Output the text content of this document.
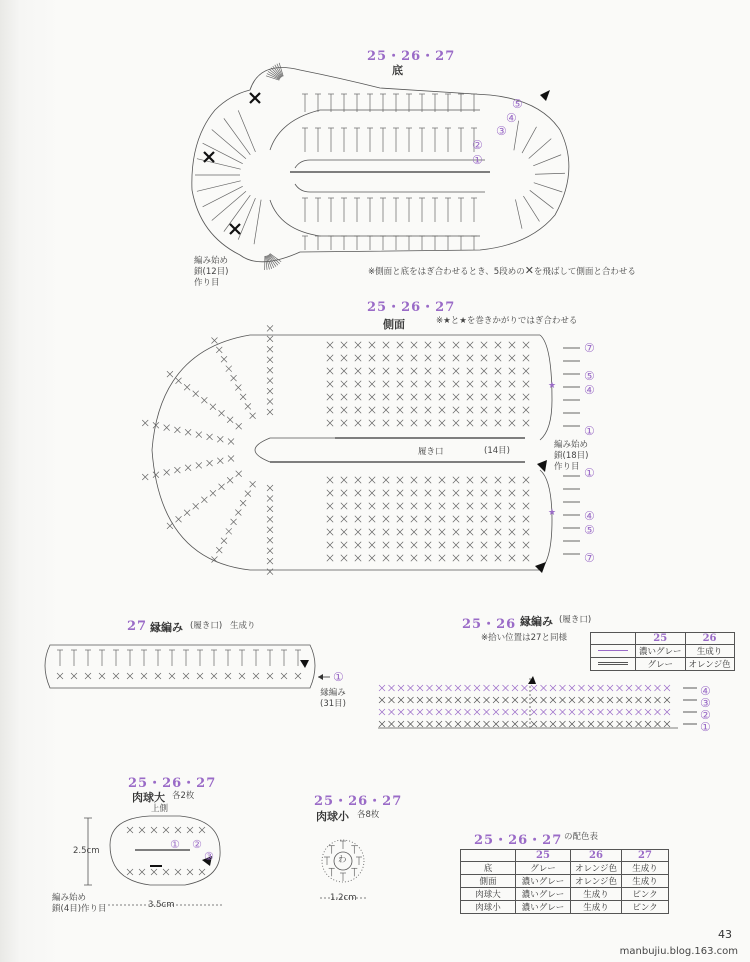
25・26・27
底
⑤
④
③
②
①
編み始め
鎖(12目)
作り目
※側面と底をはぎ合わせるとき、5段めの✕を飛ばして側面と合わせる
25・26・27
側面	※★と★を巻きかがりではぎ合わせる
★
★
履き口	(14目)
編み始め
鎖(18目)
作り目
⑦
⑤
④
①
①
④
⑤
⑦
27 縁編み (履き口) 生成り
①
縁編み
(31目)
25・26 縁編み (履き口)
※拾い位置は27と同様
		25	26
	濃いグレー	生成り
	グレー	オレンジ色
④
③
②
①
25・26・27
肉球大 各2枚
上側
① ②
③
2.5cm
3.5cm
編み始め
鎖(4目)作り目
25・26・27
肉球小 各8枚
わ
1.2cm
25・26・27 の配色表
	25	26	27
底	グレー	オレンジ色	生成り
側面	濃いグレー	オレンジ色	生成り
肉球大	濃いグレー	生成り	ピンク
肉球小	濃いグレー	生成り	ピンク
43
manbujiu.blog.163.com
